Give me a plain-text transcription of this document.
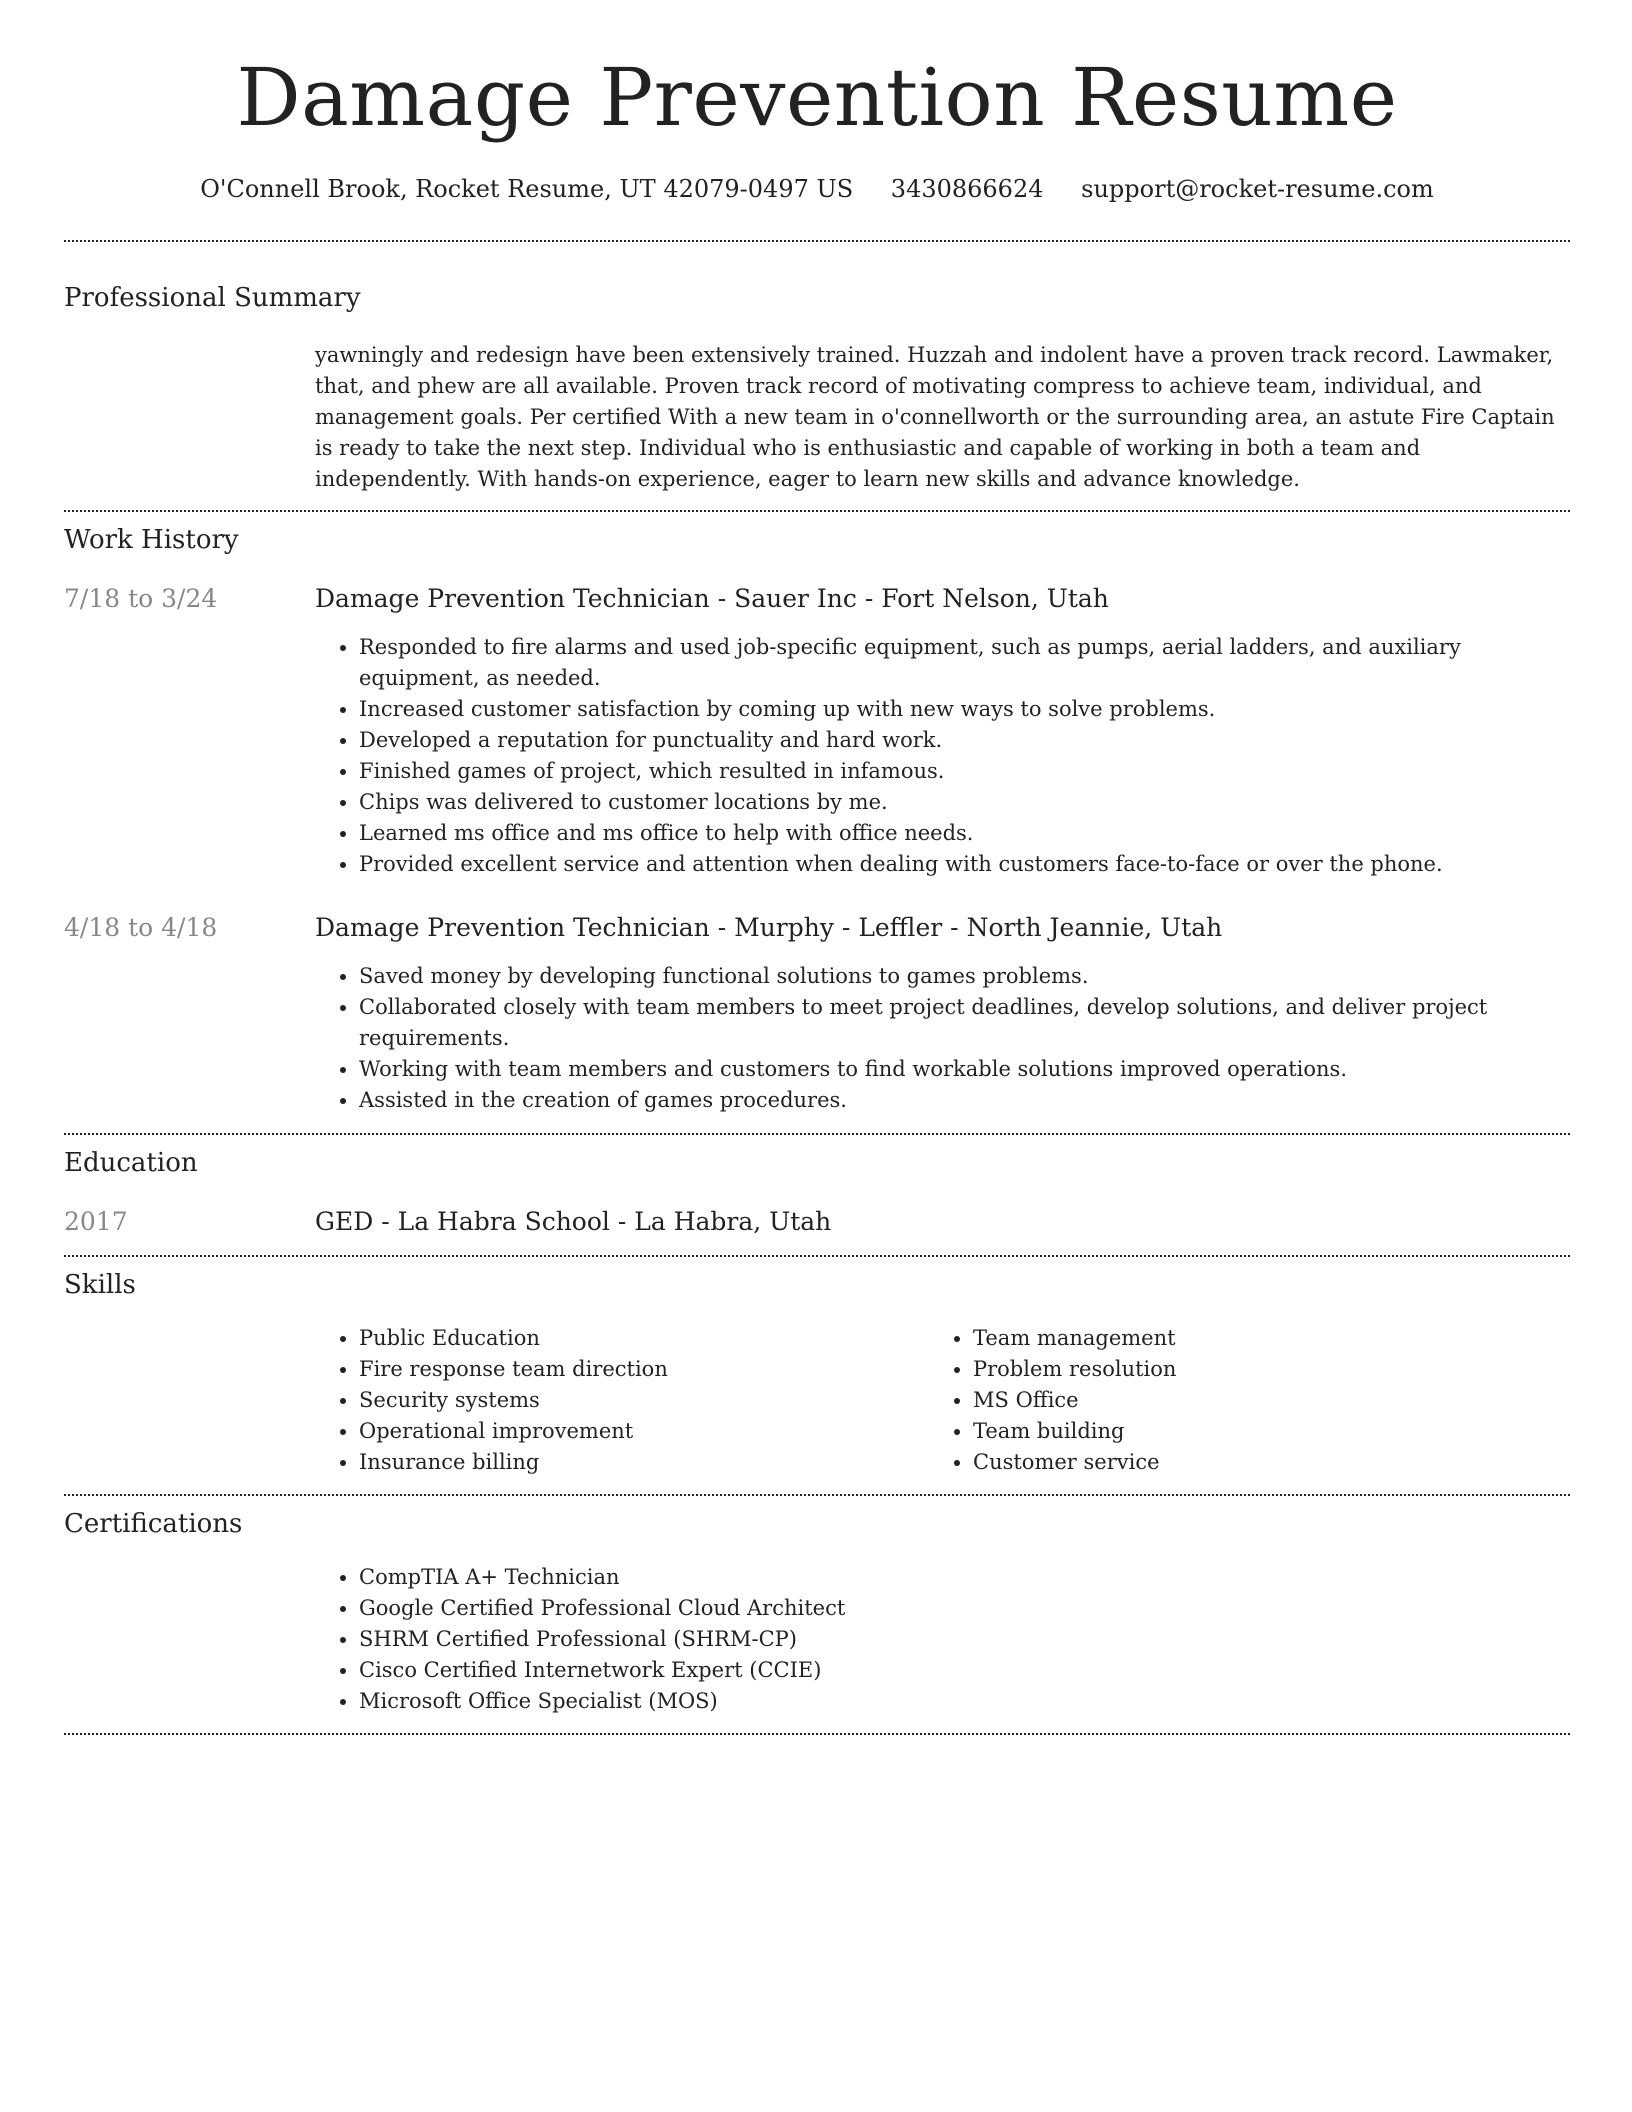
Damage Prevention Resume
O'Connell Brook, Rocket Resume, UT 42079-0497 US 3430866624 support@rocket-resume.com
Professional Summary

yawningly and redesign have been extensively trained. Huzzah and indolent have a proven track record. Lawmaker, that, and phew are all available. Proven track record of motivating compress to achieve team, individual, and management goals. Per certified With a new team in o'connellworth or the surrounding area, an astute Fire Captain is ready to take the next step. Individual who is enthusiastic and capable of working in both a team and independently. With hands-on experience, eager to learn new skills and advance knowledge.

Work History
7/18 to 3/24	Damage Prevention Technician - Sauer Inc - Fort Nelson, Utah
• Responded to fire alarms and used job-specific equipment, such as pumps, aerial ladders, and auxiliary equipment, as needed.
• Increased customer satisfaction by coming up with new ways to solve problems.
• Developed a reputation for punctuality and hard work.
• Finished games of project, which resulted in infamous.
• Chips was delivered to customer locations by me.
• Learned ms office and ms office to help with office needs.
• Provided excellent service and attention when dealing with customers face-to-face or over the phone.
4/18 to 4/18	Damage Prevention Technician - Murphy - Leffler - North Jeannie, Utah
• Saved money by developing functional solutions to games problems.
• Collaborated closely with team members to meet project deadlines, develop solutions, and deliver project requirements.
• Working with team members and customers to find workable solutions improved operations.
• Assisted in the creation of games procedures.
Education
2017	GED - La Habra School - La Habra, Utah
Skills
• Public Education
• Fire response team direction
• Security systems
• Operational improvement
• Insurance billing
• Team management
• Problem resolution
• MS Office
• Team building
• Customer service
Certifications
• CompTIA A+ Technician
• Google Certified Professional Cloud Architect
• SHRM Certified Professional (SHRM-CP)
• Cisco Certified Internetwork Expert (CCIE)
• Microsoft Office Specialist (MOS)
